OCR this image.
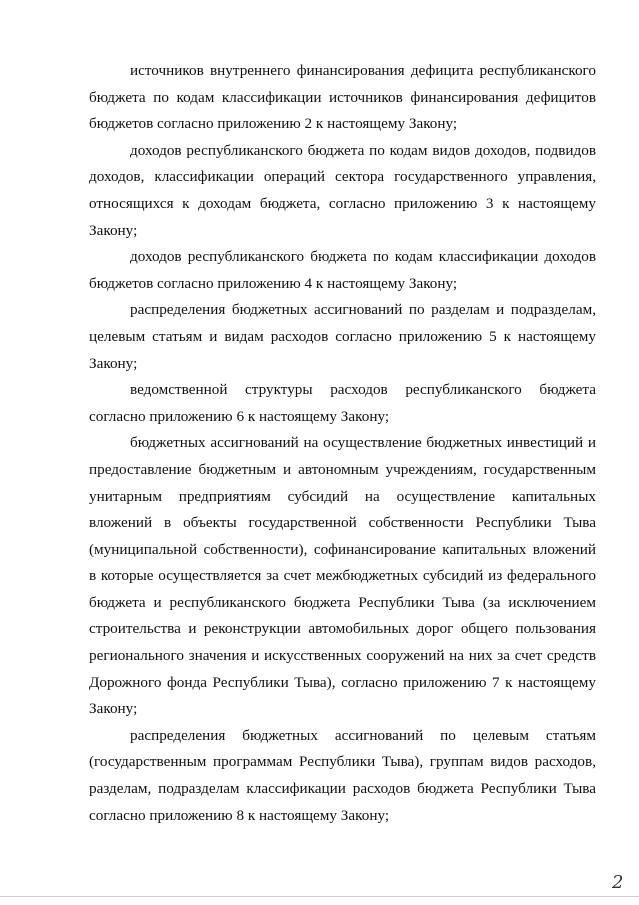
источников внутреннего финансирования дефицита республиканского бюджета по кодам классификации источников финансирования дефицитов бюджетов согласно приложению 2 к настоящему Закону;

доходов республиканского бюджета по кодам видов доходов, подвидов доходов, классификации операций сектора государственного управления, относящихся к доходам бюджета, согласно приложению 3 к настоящему Закону;

доходов республиканского бюджета по кодам классификации доходов бюджетов согласно приложению 4 к настоящему Закону;

распределения бюджетных ассигнований по разделам и подразделам, целевым статьям и видам расходов согласно приложению 5 к настоящему Закону;

ведомственной структуры расходов республиканского бюджета согласно приложению 6 к настоящему Закону;

бюджетных ассигнований на осуществление бюджетных инвестиций и предоставление бюджетным и автономным учреждениям, государственным унитарным предприятиям субсидий на осуществление капитальных вложений в объекты государственной собственности Республики Тыва (муниципальной собственности), софинансирование капитальных вложений в которые осуществляется за счет межбюджетных субсидий из федерального бюджета и республиканского бюджета Республики Тыва (за исключением строительства и реконструкции автомобильных дорог общего пользования регионального значения и искусственных сооружений на них за счет средств Дорожного фонда Республики Тыва), согласно приложению 7 к настоящему Закону;

распределения бюджетных ассигнований по целевым статьям (государственным программам Республики Тыва), группам видов расходов, разделам, подразделам классификации расходов бюджета Республики Тыва согласно приложению 8 к настоящему Закону;

2
